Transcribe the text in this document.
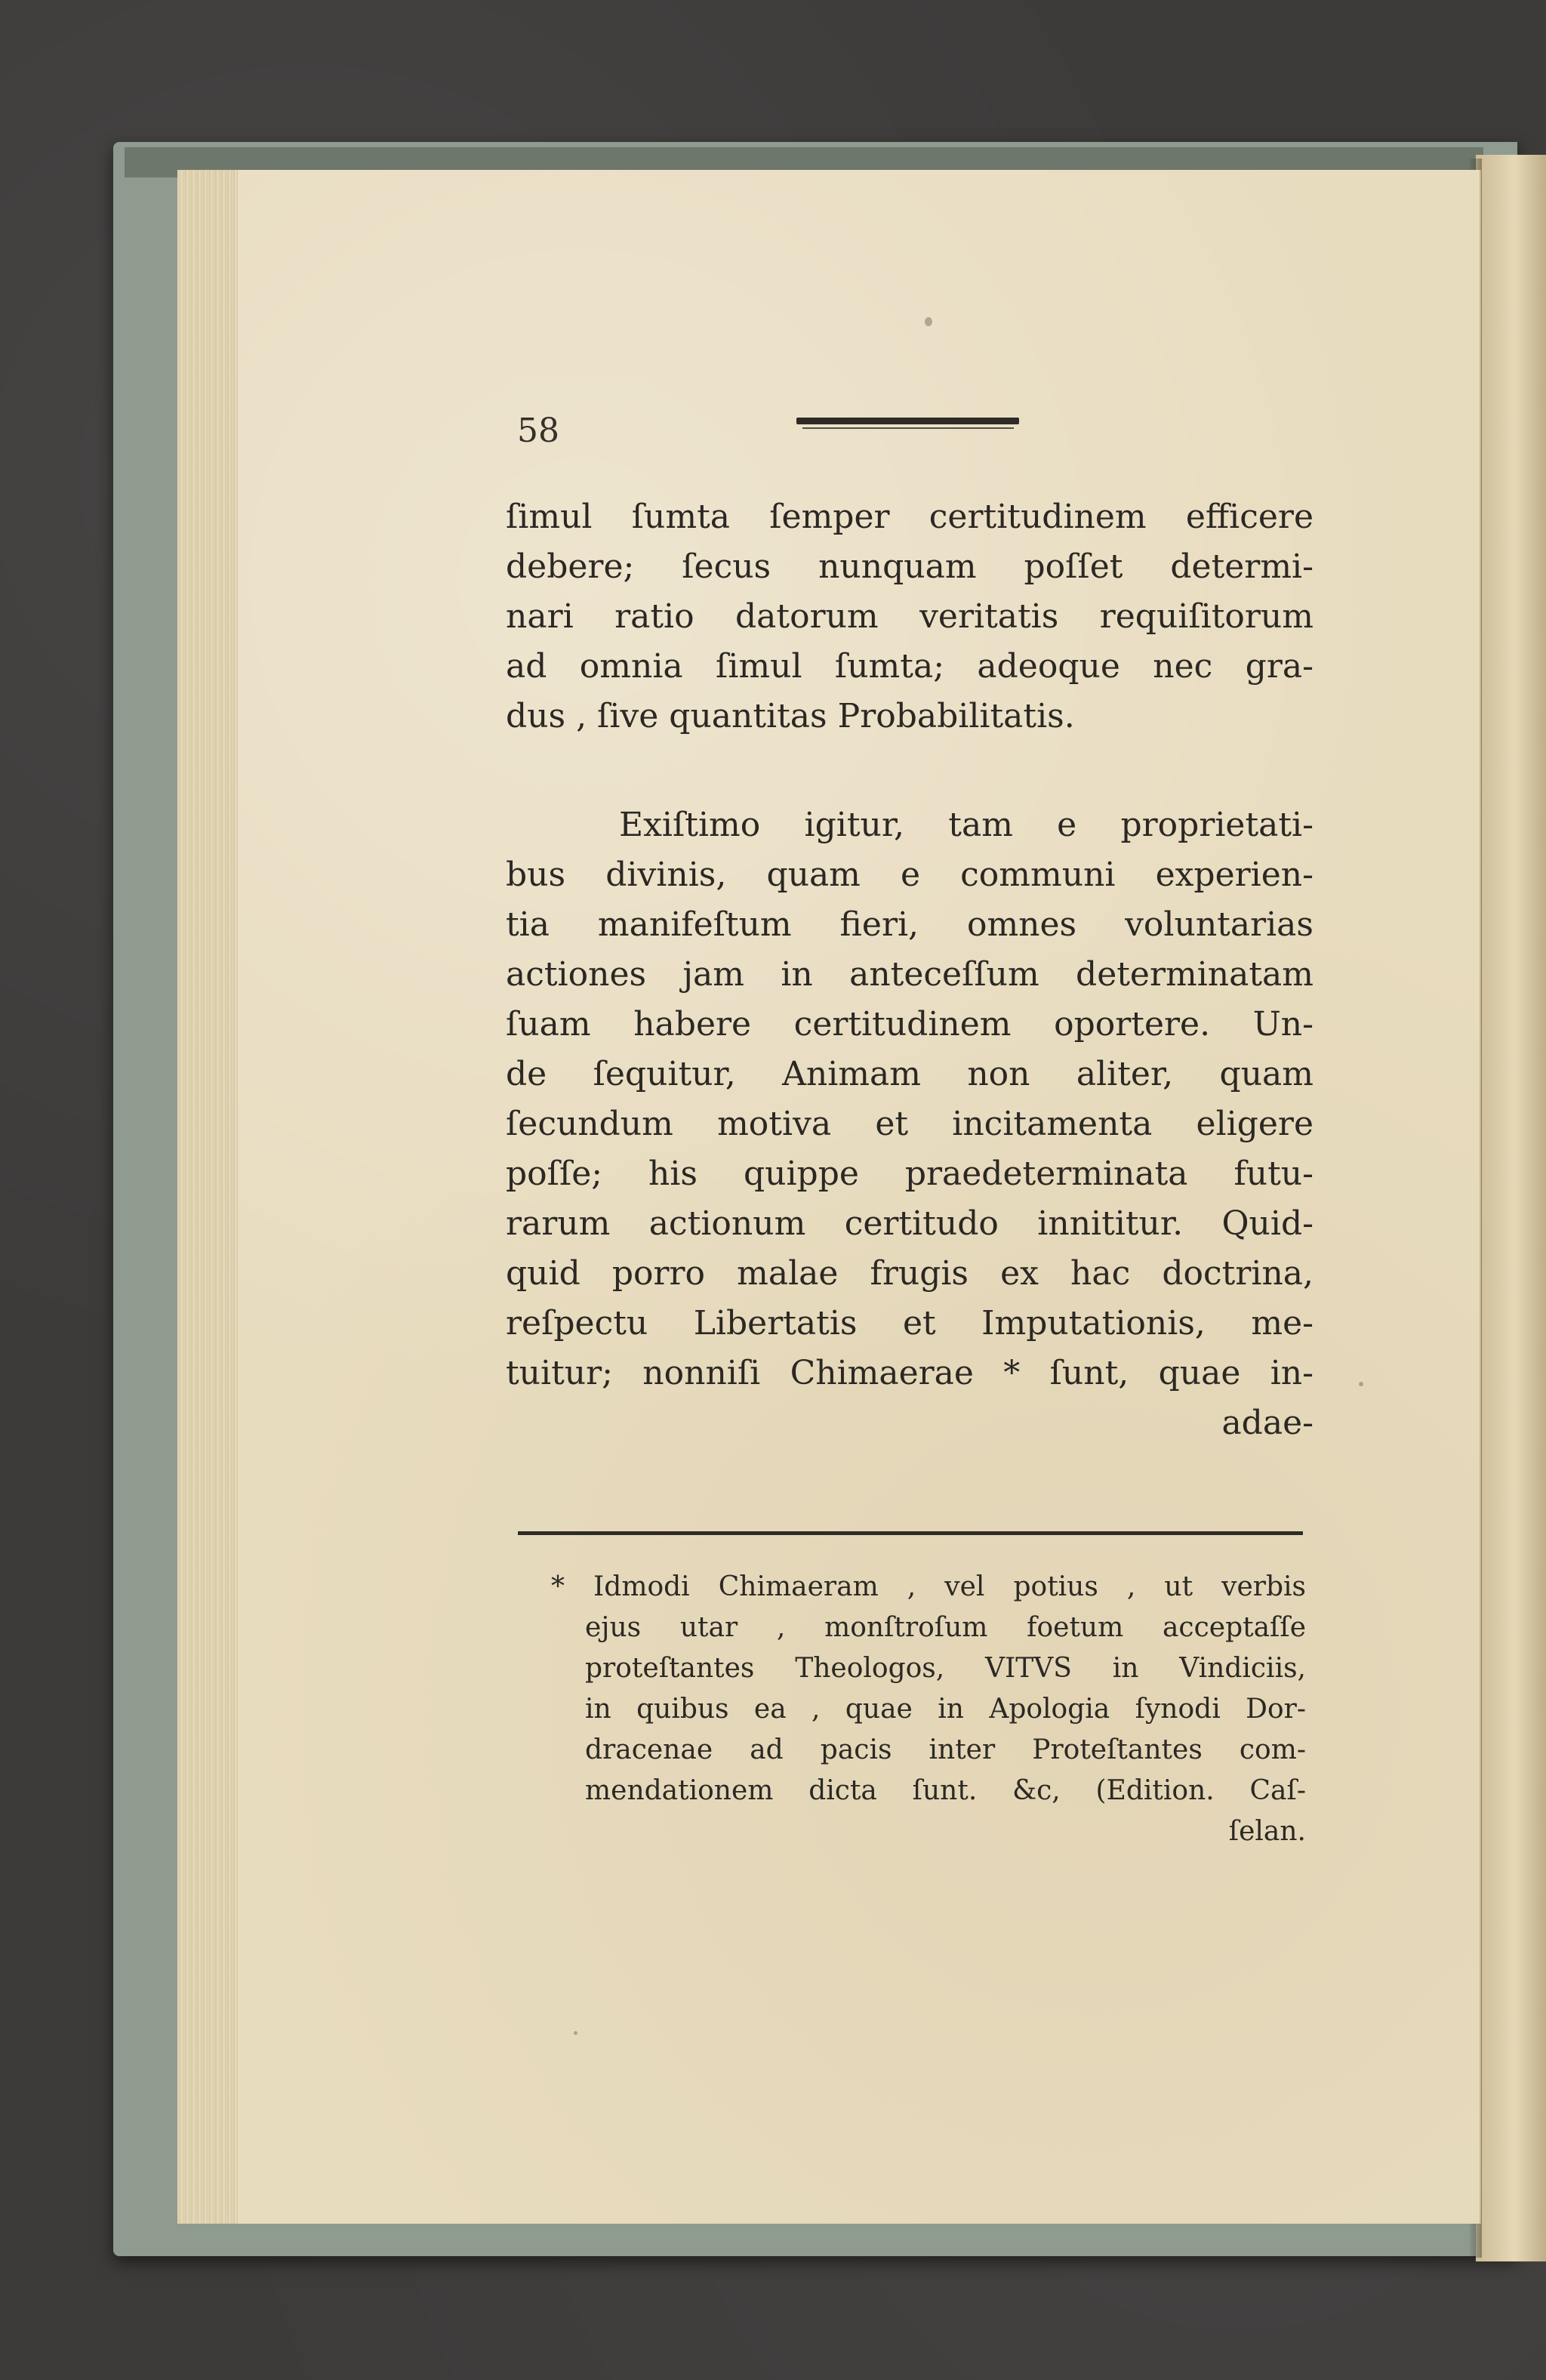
58
ſimul ſumta ſemper certitudinem efficere
debere; ſecus nunquam poſſet determi-
nari ratio datorum veritatis requiſitorum
ad omnia ſimul ſumta; adeoque nec gra-
dus , ſive quantitas Probabilitatis.
Exiſtimo igitur, tam e proprietati-
bus divinis, quam e communi experien-
tia manifeſtum fieri, omnes voluntarias
actiones jam in anteceſſum determinatam
ſuam habere certitudinem oportere. Un-
de ſequitur, Animam non aliter, quam
ſecundum motiva et incitamenta eligere
poſſe; his quippe praedeterminata futu-
rarum actionum certitudo innititur. Quid-
quid porro malae frugis ex hac doctrina,
reſpectu Libertatis et Imputationis, me-
tuitur; nonniſi Chimaerae * ſunt, quae in-
adae-
* Idmodi Chimaeram , vel potius , ut verbis
ejus utar , monſtroſum foetum acceptaſſe
proteſtantes Theologos, VITVS in Vindiciis,
in quibus ea , quae in Apologia ſynodi Dor-
dracenae ad pacis inter Proteſtantes com-
mendationem dicta ſunt. &c, (Edition. Caſ-
ſelan.
